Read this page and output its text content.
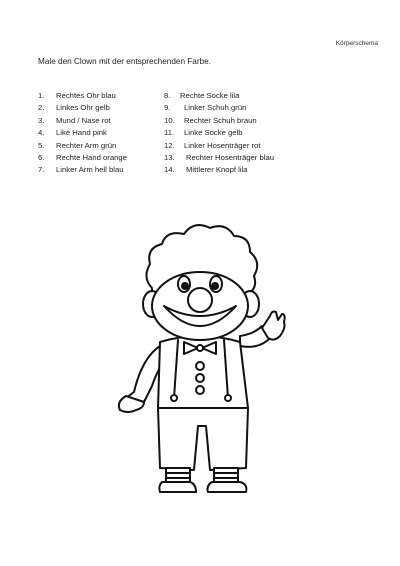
Körperschema
Male den Clown mit der entsprechenden Farbe.
1. Rechtes Ohr blau
2. Linkes Ohr gelb
3. Mund / Nase rot
4. Like Hand pink
5. Rechter Arm grün
6. Rechte Hand orange
7. Linker Arm hell blau
8. Rechte Socke lila
9. Linker Schuh grün
10. Rechter Schuh braun
11. Linke Socke gelb
12. Linker Hosenträger rot
13. Rechter Hosenträger blau
14. Mittlerer Knopf lila
